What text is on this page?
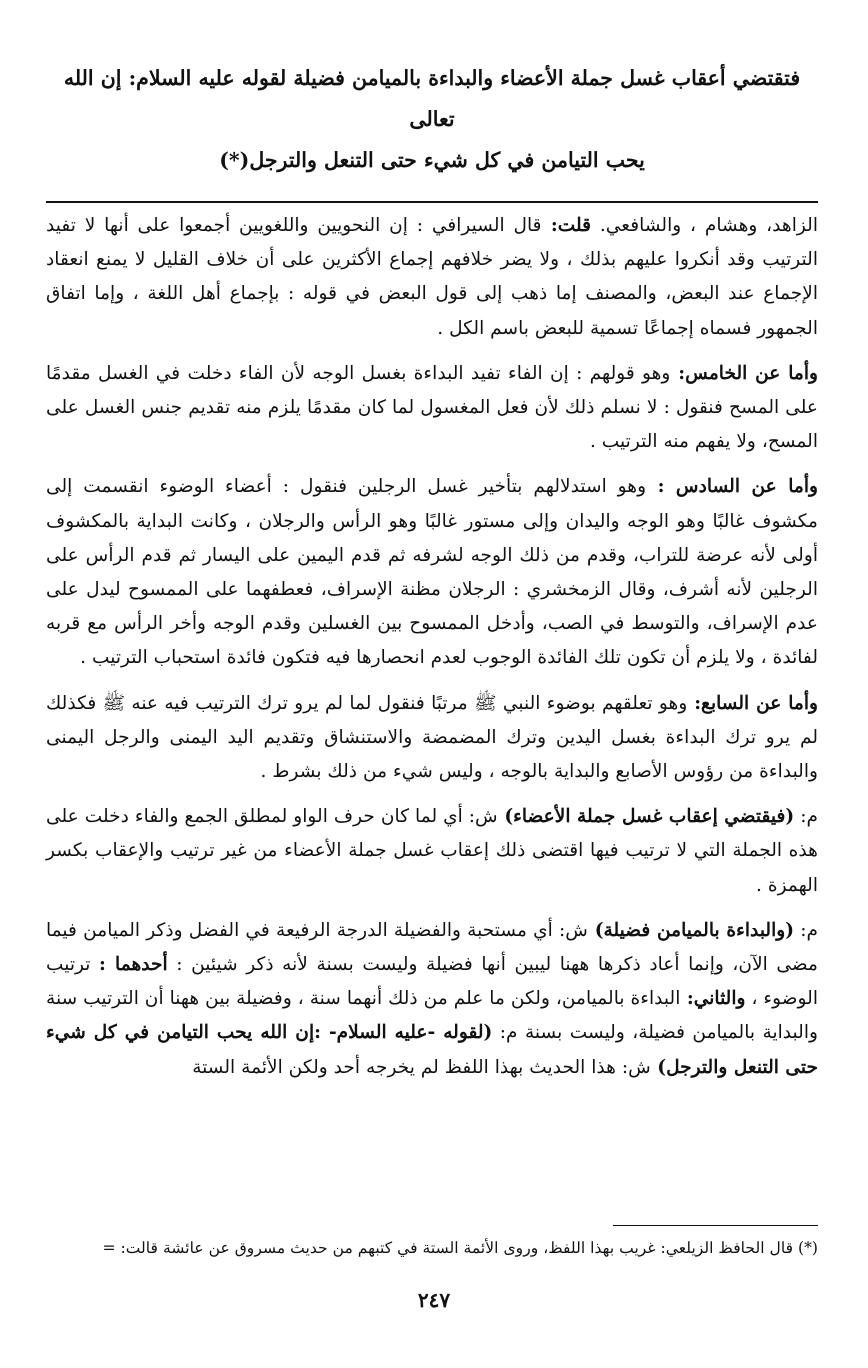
فتقتضي أعقاب غسل جملة الأعضاء والبداءة بالميامن فضيلة لقوله عليه السلام: إن الله تعالى

يحب التيامن في كل شيء حتى التنعل والترجل(*)

الزاهد، وهشام ، والشافعي. قلت: قال السيرافي : إن النحويين واللغويين أجمعوا على أنها لا تفيد الترتيب وقد أنكروا عليهم بذلك ، ولا يضر خلافهم إجماع الأكثرين على أن خلاف القليل لا يمنع انعقاد الإجماع عند البعض، والمصنف إما ذهب إلى قول البعض في قوله : بإجماع أهل اللغة ، وإما اتفاق الجمهور فسماه إجماعًا تسمية للبعض باسم الكل .

وأما عن الخامس: وهو قولهم : إن الفاء تفيد البداءة بغسل الوجه لأن الفاء دخلت في الغسل مقدمًا على المسح فنقول : لا نسلم ذلك لأن فعل المغسول لما كان مقدمًا يلزم منه تقديم جنس الغسل على المسح، ولا يفهم منه الترتيب .

وأما عن السادس : وهو استدلالهم بتأخير غسل الرجلين فنقول : أعضاء الوضوء انقسمت إلى مكشوف غالبًا وهو الوجه واليدان وإلى مستور غالبًا وهو الرأس والرجلان ، وكانت البداية بالمكشوف أولى لأنه عرضة للتراب، وقدم من ذلك الوجه لشرفه ثم قدم اليمين على اليسار ثم قدم الرأس على الرجلين لأنه أشرف، وقال الزمخشري : الرجلان مظنة الإسراف، فعطفهما على الممسوح ليدل على عدم الإسراف، والتوسط في الصب، وأدخل الممسوح بين الغسلين وقدم الوجه وأخر الرأس مع قربه لفائدة ، ولا يلزم أن تكون تلك الفائدة الوجوب لعدم انحصارها فيه فتكون فائدة استحباب الترتيب .

وأما عن السابع: وهو تعلقهم بوضوء النبي ﷺ مرتبًا فنقول لما لم يرو ترك الترتيب فيه عنه ﷺ فكذلك لم يرو ترك البداءة بغسل اليدين وترك المضمضة والاستنشاق وتقديم اليد اليمنى والرجل اليمنى والبداءة من رؤوس الأصابع والبداية بالوجه ، وليس شيء من ذلك بشرط .

م: (فيقتضي إعقاب غسل جملة الأعضاء) ش: أي لما كان حرف الواو لمطلق الجمع والفاء دخلت على هذه الجملة التي لا ترتيب فيها اقتضى ذلك إعقاب غسل جملة الأعضاء من غير ترتيب والإعقاب بكسر الهمزة .

م: (والبداءة بالميامن فضيلة) ش: أي مستحبة والفضيلة الدرجة الرفيعة في الفضل وذكر الميامن فيما مضى الآن، وإنما أعاد ذكرها ههنا ليبين أنها فضيلة وليست بسنة لأنه ذكر شيئين : أحدهما : ترتيب الوضوء ، والثاني: البداءة بالميامن، ولكن ما علم من ذلك أنهما سنة ، وفضيلة بين ههنا أن الترتيب سنة والبداية بالميامن فضيلة، وليست بسنة م: (لقوله -عليه السلام- :إن الله يحب التيامن في كل شيء حتى التنعل والترجل) ش: هذا الحديث بهذا اللفظ لم يخرجه أحد ولكن الأئمة الستة

(*) قال الحافظ الزيلعي: غريب بهذا اللفظ، وروى الأئمة الستة في كتبهم من حديث مسروق عن عائشة قالت: =
٢٤٧
